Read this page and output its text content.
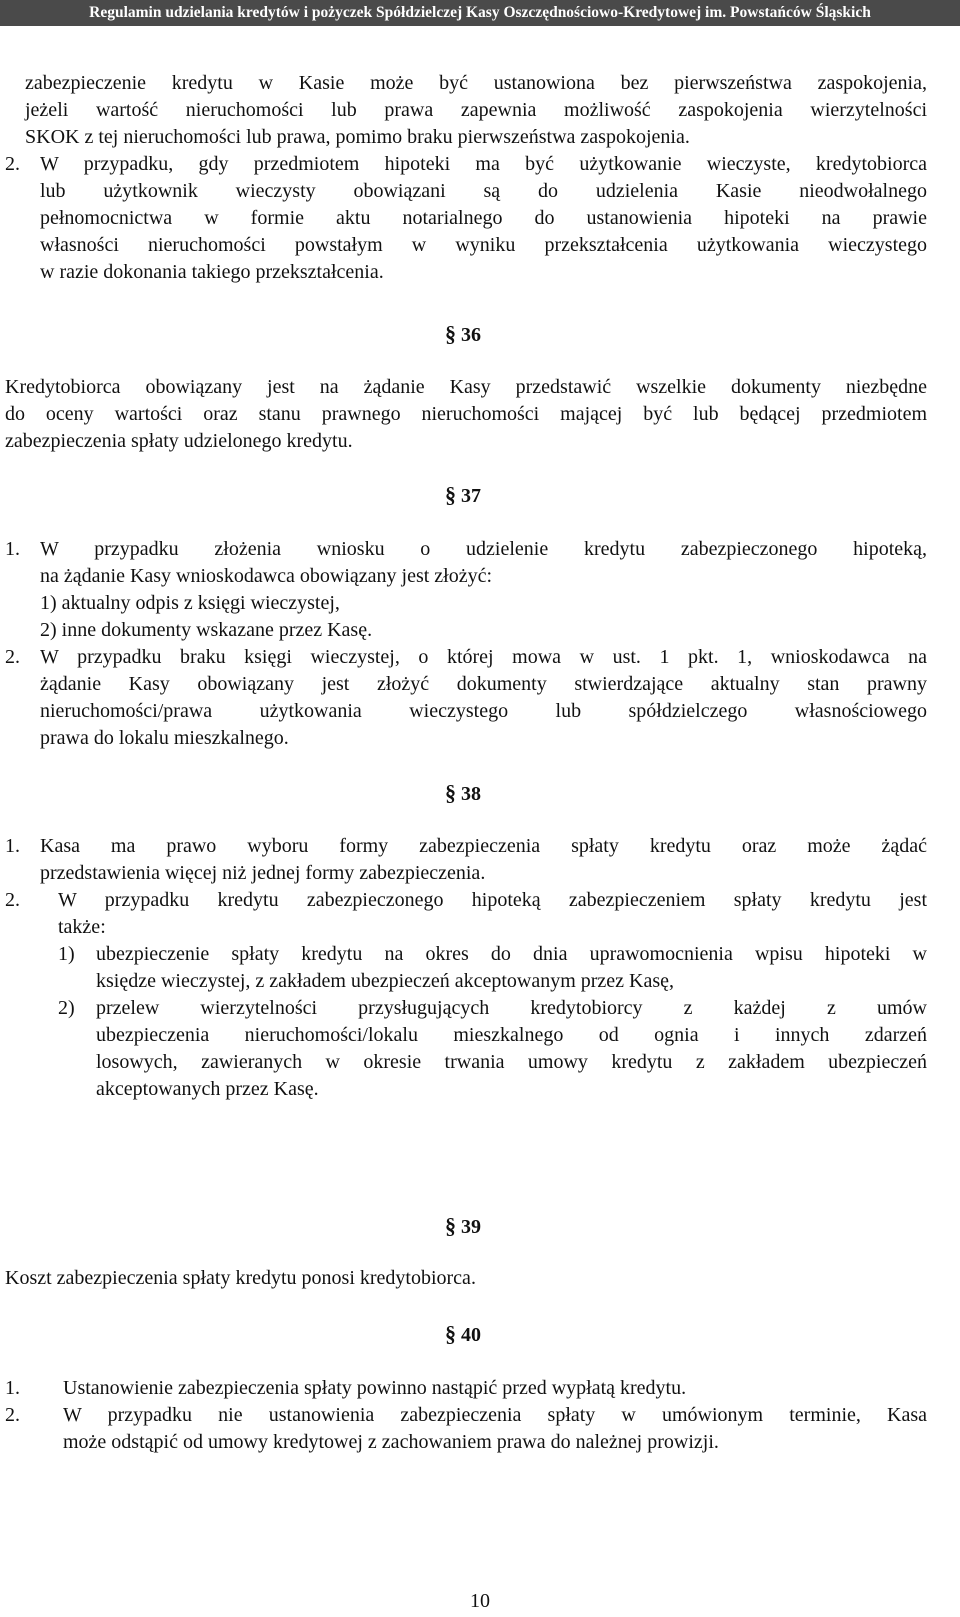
Regulamin udzielania kredytów i pożyczek Spółdzielczej Kasy Oszczędnościowo-Kredytowej im. Powstańców Śląskich
zabezpieczenie kredytu w Kasie może być ustanowiona bez pierwszeństwa zaspokojenia,
jeżeli wartość nieruchomości lub prawa zapewnia możliwość zaspokojenia wierzytelności
SKOK z tej nieruchomości lub prawa, pomimo braku pierwszeństwa zaspokojenia.
2. W przypadku, gdy przedmiotem hipoteki ma być użytkowanie wieczyste, kredytobiorca
lub użytkownik wieczysty obowiązani są do udzielenia Kasie nieodwołalnego
pełnomocnictwa w formie aktu notarialnego do ustanowienia hipoteki na prawie
własności nieruchomości powstałym w wyniku przekształcenia użytkowania wieczystego
w razie dokonania takiego przekształcenia.
§ 36
Kredytobiorca obowiązany jest na żądanie Kasy przedstawić wszelkie dokumenty niezbędne
do oceny wartości oraz stanu prawnego nieruchomości mającej być lub będącej przedmiotem
zabezpieczenia spłaty udzielonego kredytu.
§ 37
1. W przypadku złożenia wniosku o udzielenie kredytu zabezpieczonego hipoteką,
na żądanie Kasy wnioskodawca obowiązany jest złożyć:
1) aktualny odpis z księgi wieczystej,
2) inne dokumenty wskazane przez Kasę.
2. W przypadku braku księgi wieczystej, o której mowa w ust. 1 pkt. 1, wnioskodawca na
żądanie Kasy obowiązany jest złożyć dokumenty stwierdzające aktualny stan prawny
nieruchomości/prawa użytkowania wieczystego lub spółdzielczego własnościowego
prawa do lokalu mieszkalnego.
§ 38
1. Kasa ma prawo wyboru formy zabezpieczenia spłaty kredytu oraz może żądać
przedstawienia więcej niż jednej formy zabezpieczenia.
2. W przypadku kredytu zabezpieczonego hipoteką zabezpieczeniem spłaty kredytu jest
także:
1) ubezpieczenie spłaty kredytu na okres do dnia uprawomocnienia wpisu hipoteki w
księdze wieczystej, z zakładem ubezpieczeń akceptowanym przez Kasę,
2) przelew wierzytelności przysługujących kredytobiorcy z każdej z umów
ubezpieczenia nieruchomości/lokalu mieszkalnego od ognia i innych zdarzeń
losowych, zawieranych w okresie trwania umowy kredytu z zakładem ubezpieczeń
akceptowanych przez Kasę.
§ 39
Koszt zabezpieczenia spłaty kredytu ponosi kredytobiorca.
§ 40
1. Ustanowienie zabezpieczenia spłaty powinno nastąpić przed wypłatą kredytu.
2. W przypadku nie ustanowienia zabezpieczenia spłaty w umówionym terminie, Kasa
może odstąpić od umowy kredytowej z zachowaniem prawa do należnej prowizji.
10
